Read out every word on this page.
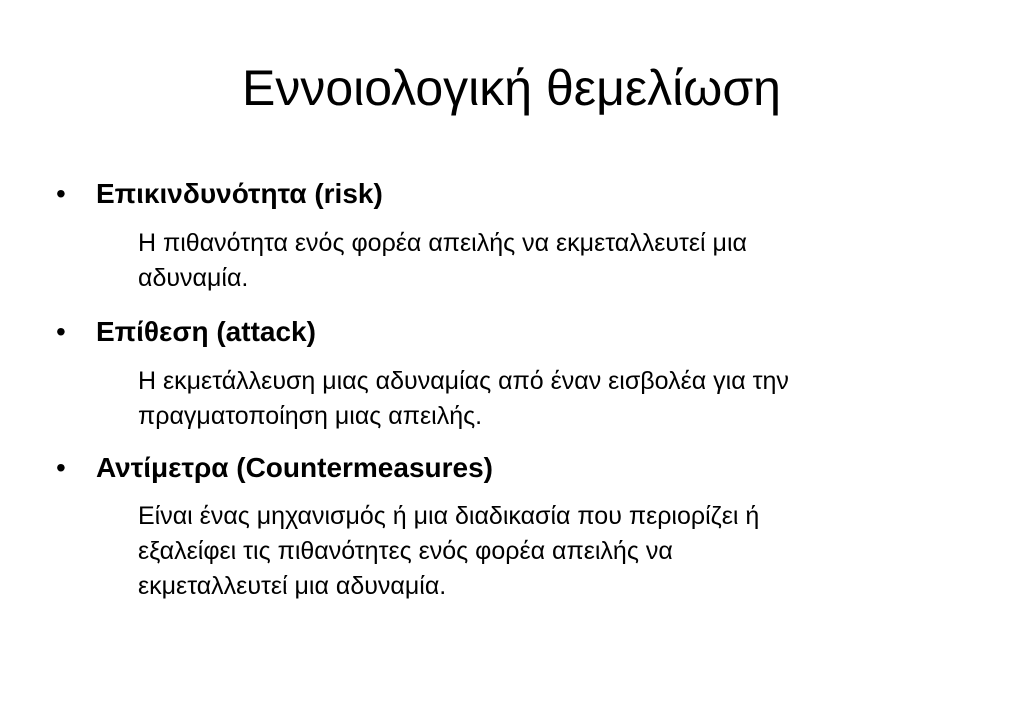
Εννοιολογική θεμελίωση
• Επικινδυνότητα (risk)
Η πιθανότητα ενός φορέα απειλής να εκμεταλλευτεί μια
αδυναμία.
• Επίθεση (attack)
Η εκμετάλλευση μιας αδυναμίας από έναν εισβολέα για την
πραγματοποίηση μιας απειλής.
• Αντίμετρα (Countermeasures)
Είναι ένας μηχανισμός ή μια διαδικασία που περιορίζει ή
εξαλείφει τις πιθανότητες ενός φορέα απειλής να
εκμεταλλευτεί μια αδυναμία.
